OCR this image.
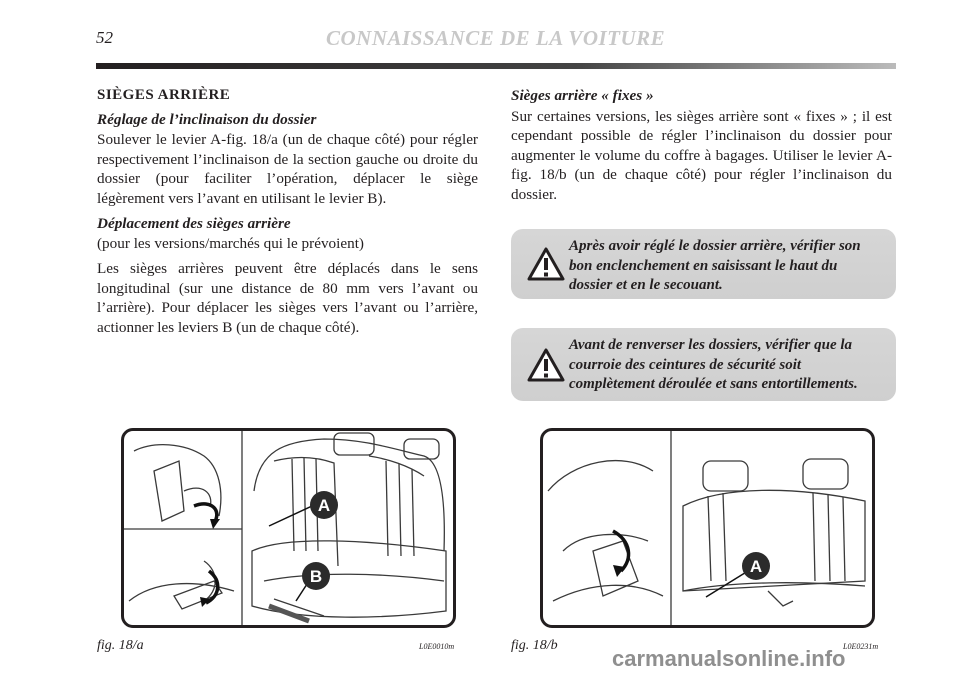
52	CONNAISSANCE DE LA VOITURE

SIÈGES ARRIÈRE

Réglage de l’inclinaison du dossier

Soulever le levier A-fig. 18/a (un de chaque côté) pour régler respectivement l’inclinaison de la section gauche ou droite du dossier (pour faciliter l’opération, déplacer le siège légèrement vers l’avant en utilisant le levier B).

Déplacement des sièges arrière

(pour les versions/marchés qui le prévoient)

Les sièges arrières peuvent être déplacés dans le sens longitudinal (sur une distance de 80 mm vers l’avant ou l’arrière). Pour déplacer les sièges vers l’avant ou l’arrière, actionner les leviers B (un de chaque côté).

Sièges arrière « fixes »

Sur certaines versions, les sièges arrière sont « fixes » ; il est cependant possible de régler l’inclinaison du dossier pour augmenter le volume du coffre à bagages. Utiliser le levier A-fig. 18/b (un de chaque côté) pour régler l’inclinaison du dossier.

Après avoir réglé le dossier arrière, vérifier son bon enclenchement en saisissant le haut du dossier et en le secouant.
Avant de renverser les dossiers, vérifier que la courroie des ceintures de sécurité soit complètement déroulée et sans entortillements.
A
B
A
fig. 18/a	L0E0010m	fig. 18/b	L0E0231m
carmanualsonline.info
